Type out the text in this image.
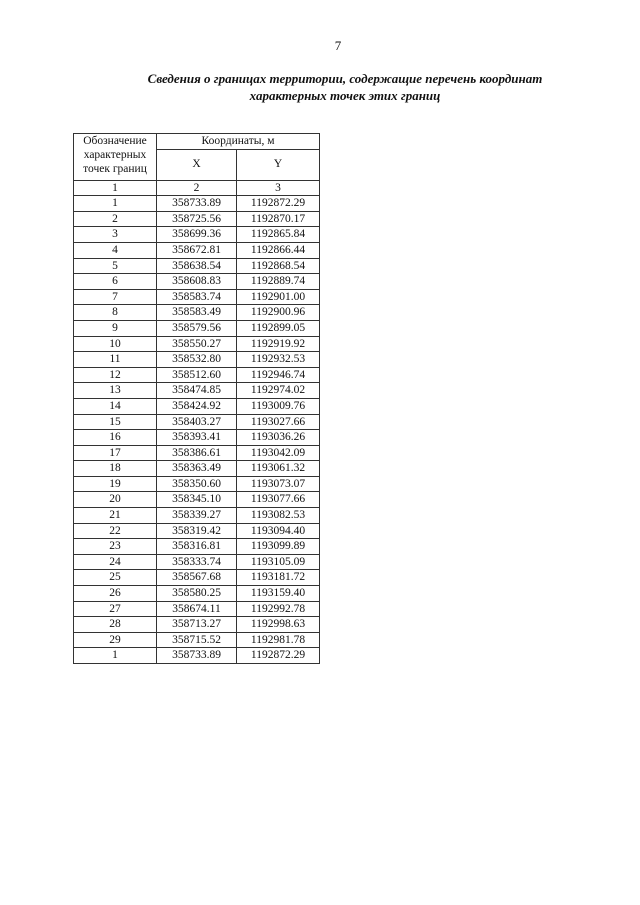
7
Сведения о границах территории, содержащие перечень координат
характерных точек этих границ
Обозначение характерных точек границ	Координаты, м	
	X	Y
1	2	3
1	358733.89	1192872.29
2	358725.56	1192870.17
3	358699.36	1192865.84
4	358672.81	1192866.44
5	358638.54	1192868.54
6	358608.83	1192889.74
7	358583.74	1192901.00
8	358583.49	1192900.96
9	358579.56	1192899.05
10	358550.27	1192919.92
11	358532.80	1192932.53
12	358512.60	1192946.74
13	358474.85	1192974.02
14	358424.92	1193009.76
15	358403.27	1193027.66
16	358393.41	1193036.26
17	358386.61	1193042.09
18	358363.49	1193061.32
19	358350.60	1193073.07
20	358345.10	1193077.66
21	358339.27	1193082.53
22	358319.42	1193094.40
23	358316.81	1193099.89
24	358333.74	1193105.09
25	358567.68	1193181.72
26	358580.25	1193159.40
27	358674.11	1192992.78
28	358713.27	1192998.63
29	358715.52	1192981.78
1	358733.89	1192872.29
